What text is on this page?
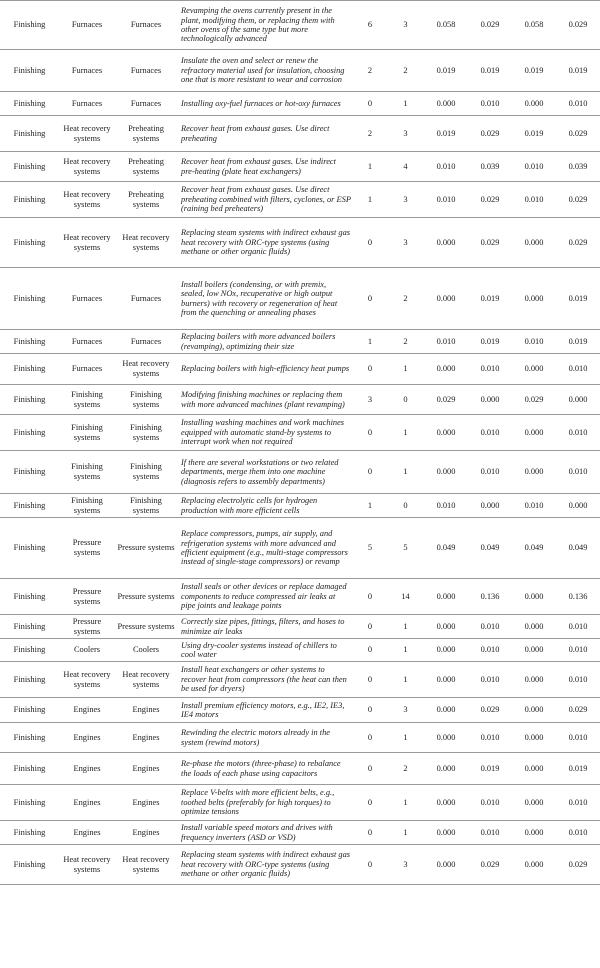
Finishing	Furnaces	Furnaces	Revamping the ovens currently present in the plant, modifying them, or replacing them with other ovens of the same type but more technologically advanced	6	3	0.058	0.029	0.058	0.029
Finishing	Furnaces	Furnaces	Insulate the oven and select or renew the refractory material used for insulation, choosing one that is more resistant to wear and corrosion	2	2	0.019	0.019	0.019	0.019
Finishing	Furnaces	Furnaces	Installing oxy-fuel furnaces or hot-oxy furnaces	0	1	0.000	0.010	0.000	0.010
Finishing	Heat recovery systems	Preheating systems	Recover heat from exhaust gases. Use direct preheating	2	3	0.019	0.029	0.019	0.029
Finishing	Heat recovery systems	Preheating systems	Recover heat from exhaust gases. Use indirect pre-heating (plate heat exchangers)	1	4	0.010	0.039	0.010	0.039
Finishing	Heat recovery systems	Preheating systems	Recover heat from exhaust gases. Use direct preheating combined with filters, cyclones, or ESP (raining bed preheaters)	1	3	0.010	0.029	0.010	0.029
Finishing	Heat recovery systems	Heat recovery systems	Replacing steam systems with indirect exhaust gas heat recovery with ORC-type systems (using methane or other organic fluids)	0	3	0.000	0.029	0.000	0.029
Finishing	Furnaces	Furnaces	Install boilers (condensing, or with premix, sealed, low NOx, recuperative or high output burners) with recovery or regeneration of heat from the quenching or annealing phases	0	2	0.000	0.019	0.000	0.019
Finishing	Furnaces	Furnaces	Replacing boilers with more advanced boilers (revamping), optimizing their size	1	2	0.010	0.019	0.010	0.019
Finishing	Furnaces	Heat recovery systems	Replacing boilers with high-efficiency heat pumps	0	1	0.000	0.010	0.000	0.010
Finishing	Finishing systems	Finishing systems	Modifying finishing machines or replacing them with more advanced machines (plant revamping)	3	0	0.029	0.000	0.029	0.000
Finishing	Finishing systems	Finishing systems	Installing washing machines and work machines equipped with automatic stand-by systems to interrupt work when not required	0	1	0.000	0.010	0.000	0.010
Finishing	Finishing systems	Finishing systems	If there are several workstations or two related departments, merge them into one machine (diagnosis refers to assembly departments)	0	1	0.000	0.010	0.000	0.010
Finishing	Finishing systems	Finishing systems	Replacing electrolytic cells for hydrogen production with more efficient cells	1	0	0.010	0.000	0.010	0.000
Finishing	Pressure systems	Pressure systems	Replace compressors, pumps, air supply, and refrigeration systems with more advanced and efficient equipment (e.g., multi-stage compressors instead of single-stage compressors) or revamp	5	5	0.049	0.049	0.049	0.049
Finishing	Pressure systems	Pressure systems	Install seals or other devices or replace damaged components to reduce compressed air leaks at pipe joints and leakage points	0	14	0.000	0.136	0.000	0.136
Finishing	Pressure systems	Pressure systems	Correctly size pipes, fittings, filters, and hoses to minimize air leaks	0	1	0.000	0.010	0.000	0.010
Finishing	Coolers	Coolers	Using dry-cooler systems instead of chillers to cool water	0	1	0.000	0.010	0.000	0.010
Finishing	Heat recovery systems	Heat recovery systems	Install heat exchangers or other systems to recover heat from compressors (the heat can then be used for dryers)	0	1	0.000	0.010	0.000	0.010
Finishing	Engines	Engines	Install premium efficiency motors, e.g., IE2, IE3, IE4 motors	0	3	0.000	0.029	0.000	0.029
Finishing	Engines	Engines	Rewinding the electric motors already in the system (rewind motors)	0	1	0.000	0.010	0.000	0.010
Finishing	Engines	Engines	Re-phase the motors (three-phase) to rebalance the loads of each phase using capacitors	0	2	0.000	0.019	0.000	0.019
Finishing	Engines	Engines	Replace V-belts with more efficient belts, e.g., toothed belts (preferably for high torques) to optimize tensions	0	1	0.000	0.010	0.000	0.010
Finishing	Engines	Engines	Install variable speed motors and drives with frequency inverters (ASD or VSD)	0	1	0.000	0.010	0.000	0.010
Finishing	Heat recovery systems	Heat recovery systems	Replacing steam systems with indirect exhaust gas heat recovery with ORC-type systems (using methane or other organic fluids)	0	3	0.000	0.029	0.000	0.029
